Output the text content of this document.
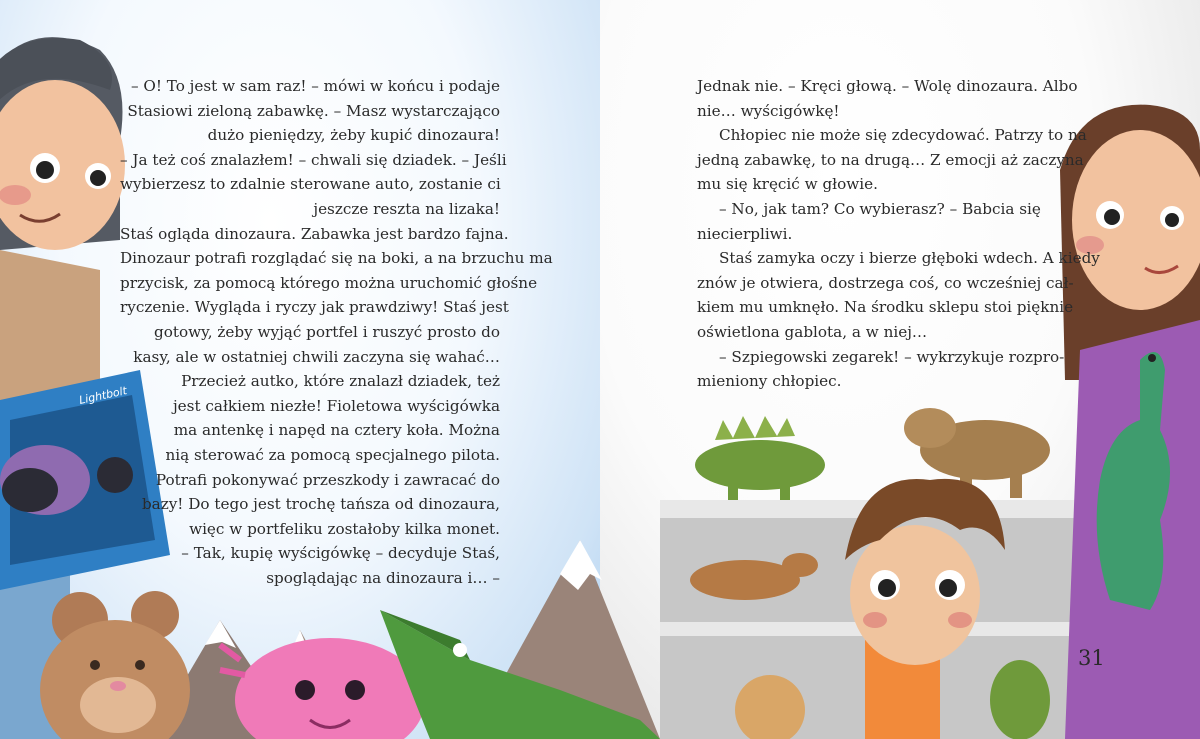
Lightbolt

– O! To jest w sam raz! – mówi w końcu i podaje

Stasiowi zieloną zabawkę. – Masz wystarczająco

dużo pieniędzy, żeby kupić dinozaura!

– Ja też coś znalazłem! – chwali się dziadek. – Jeśli

wybierzesz to zdalnie sterowane auto, zostanie ci

jeszcze reszta na lizaka!

Staś ogląda dinozaura. Zabawka jest bardzo fajna.

Dinozaur potrafi rozglądać się na boki, a na brzuchu ma

przycisk, za pomocą którego można uruchomić głośne

ryczenie. Wygląda i ryczy jak prawdziwy! Staś jest

gotowy, żeby wyjąć portfel i ruszyć prosto do

kasy, ale w ostatniej chwili zaczyna się wahać…

Przecież autko, które znalazł dziadek, też

jest całkiem niezłe! Fioletowa wyścigówka

ma antenkę i napęd na cztery koła. Można

nią sterować za pomocą specjalnego pilota.

Potrafi pokonywać przeszkody i zawracać do

bazy! Do tego jest trochę tańsza od dinozaura,

więc w portfeliku zostałoby kilka monet.

– Tak, kupię wyścigówkę – decyduje Staś,

spoglądając na dinozaura i… –

Jednak nie. – Kręci głową. – Wolę dinozaura. Albo

nie… wyścigówkę!

Chłopiec nie może się zdecydować. Patrzy to na

jedną zabawkę, to na drugą… Z emocji aż zaczyna

mu się kręcić w głowie.

– No, jak tam? Co wybierasz? – Babcia się

niecierpliwi.

Staś zamyka oczy i bierze głęboki wdech. A kiedy

znów je otwiera, dostrzega coś, co wcześniej cał-

kiem mu umknęło. Na środku sklepu stoi pięknie

oświetlona gablota, a w niej…

– Szpiegowski zegarek! – wykrzykuje rozpro-

mieniony chłopiec.

31
